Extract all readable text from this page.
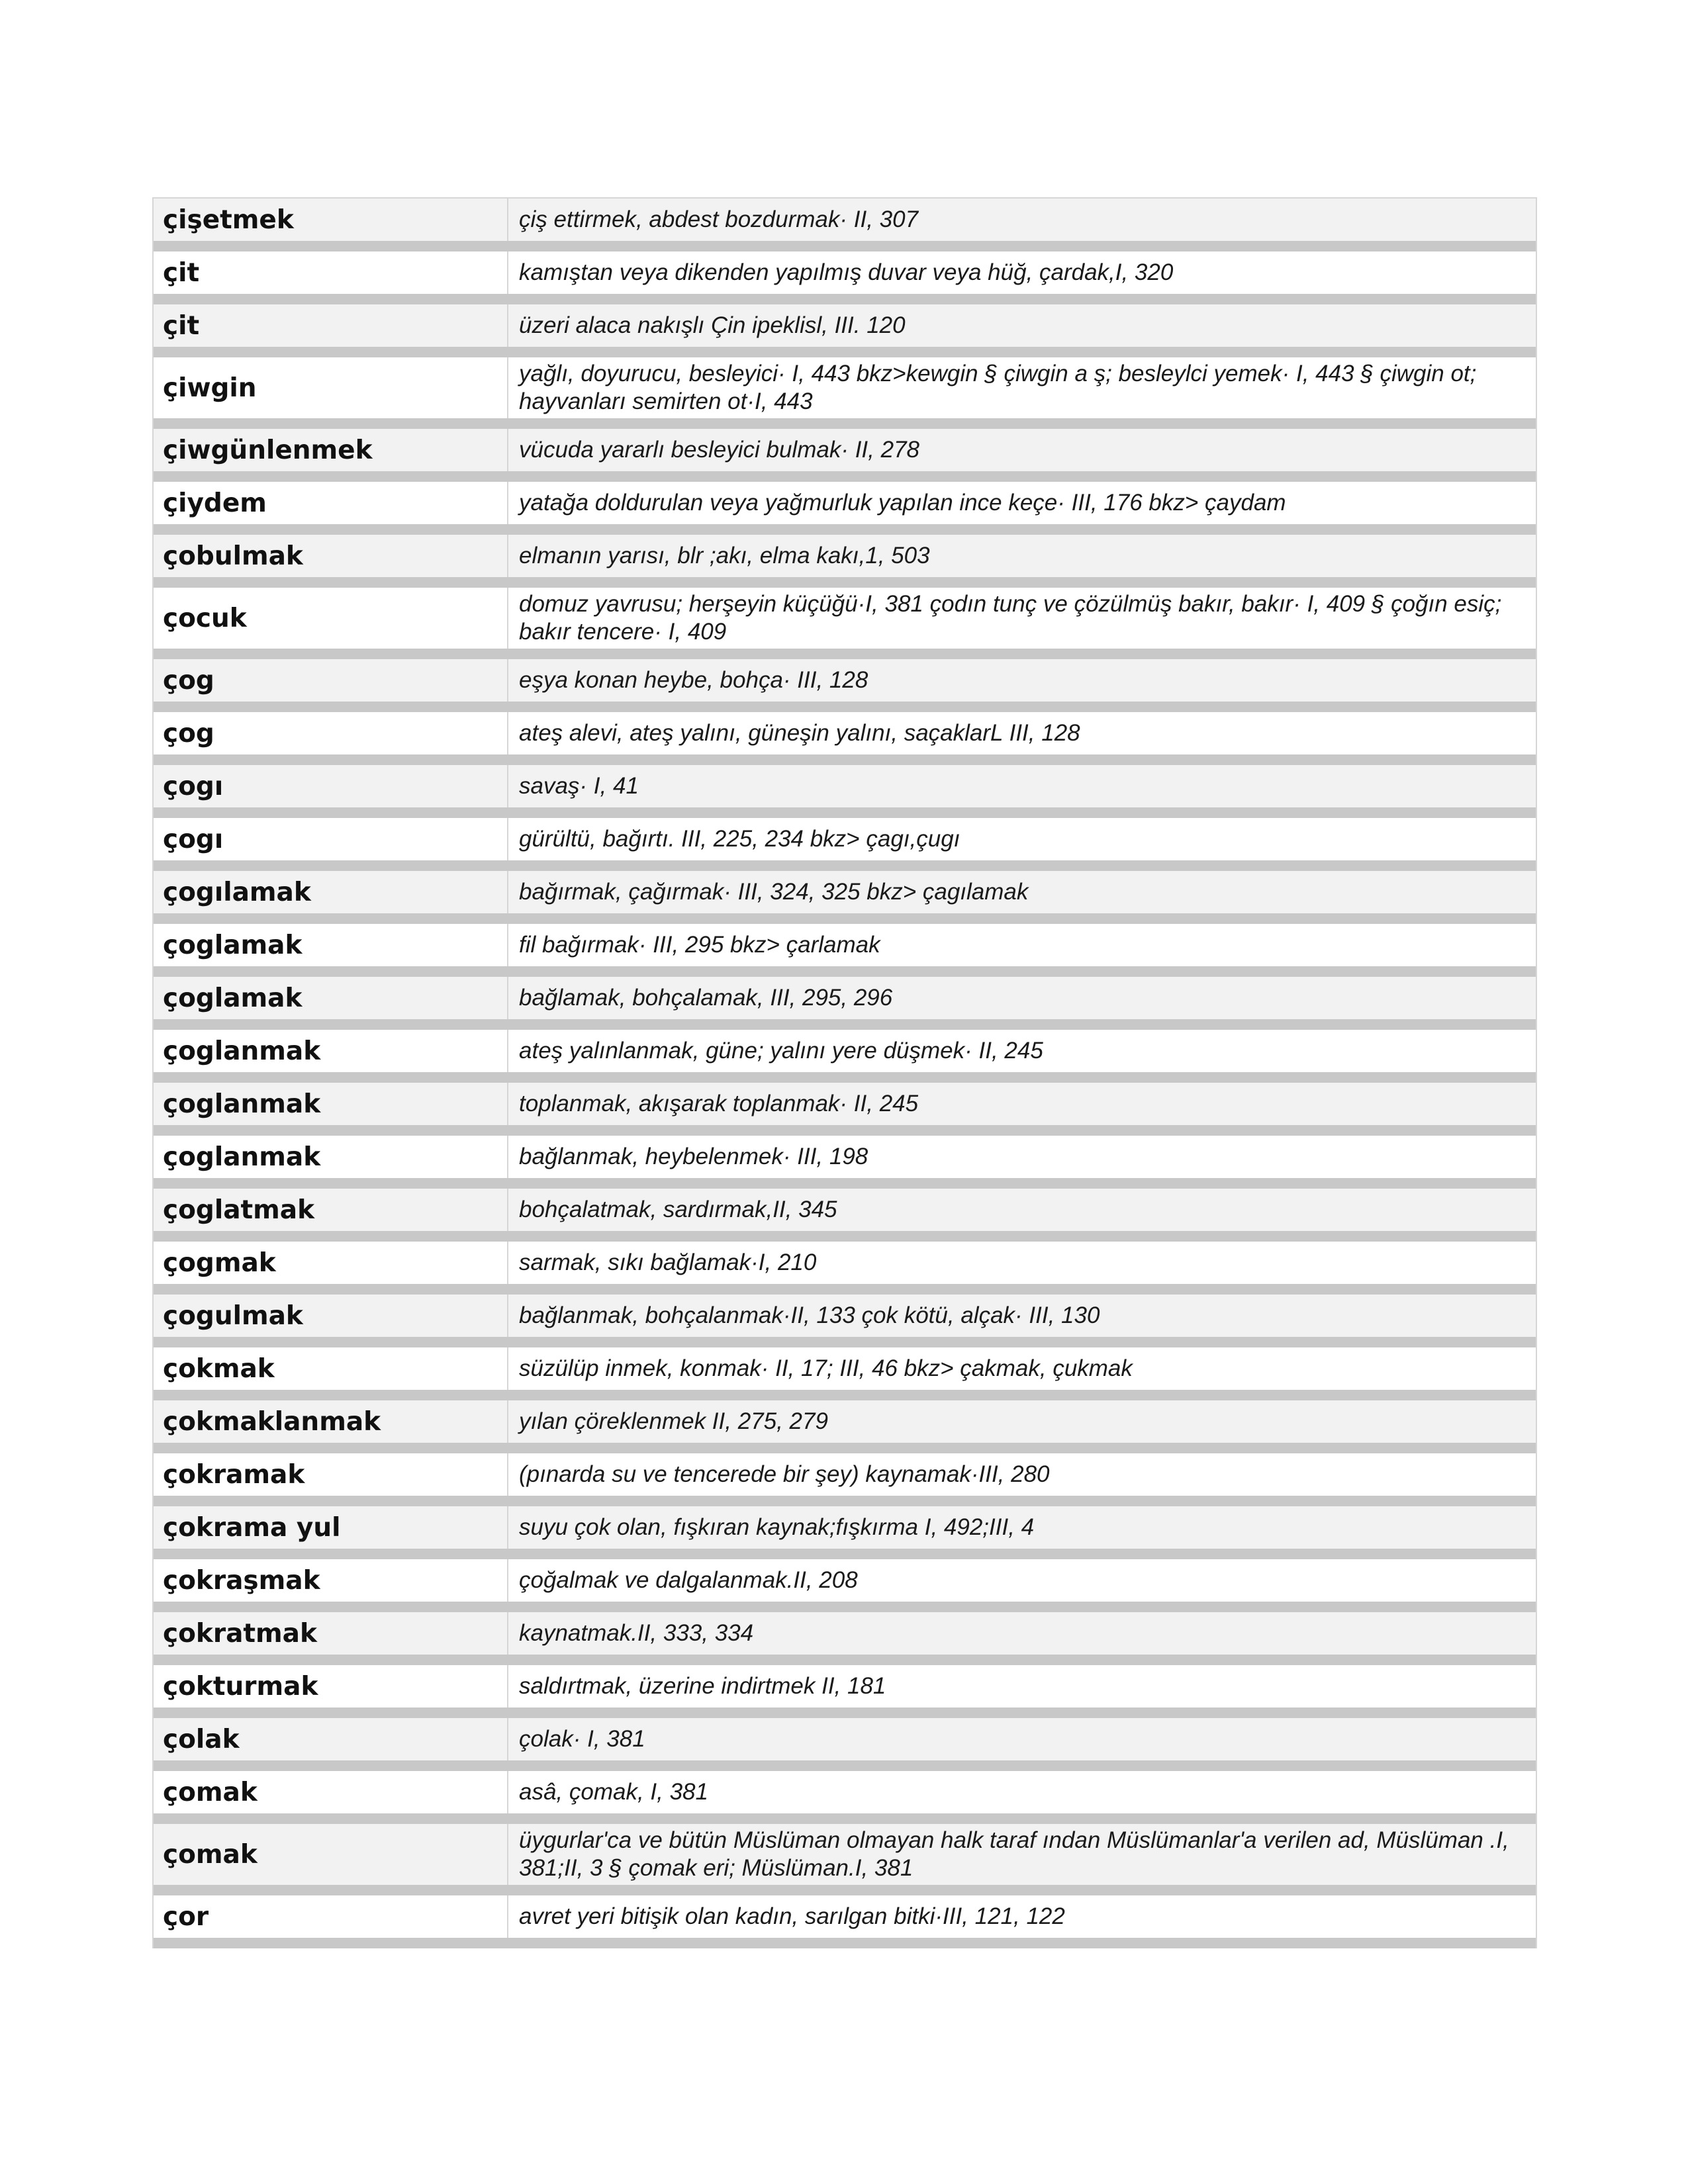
çişetmek	çiş ettirmek, abdest bozdurmak· II, 307
çit	kamıştan veya dikenden yapılmış duvar veya hüğ, çardak,I, 320
çit	üzeri alaca nakışlı Çin ipeklisl, III. 120
çiwgin	yağlı, doyurucu, besleyici· I, 443 bkz>kewgin § çiwgin a ş; besleylci yemek· I, 443 § çiwgin ot; hayvanları semirten ot·I, 443
çiwgünlenmek	vücuda yararlı besleyici bulmak· II, 278
çiydem	yatağa doldurulan veya yağmurluk yapılan ince keçe· III, 176 bkz> çaydam
çobulmak	elmanın yarısı, blr ;akı, elma kakı,1, 503
çocuk	domuz yavrusu; herşeyin küçüğü·I, 381 çodın tunç ve çözülmüş bakır, bakır· I, 409 § çoğın esiç; bakır tencere· I, 409
çog	eşya konan heybe, bohça· III, 128
çog	ateş alevi, ateş yalını, güneşin yalını, saçaklarL III, 128
çogı	savaş· I, 41
çogı	gürültü, bağırtı. III, 225, 234 bkz> çagı,çugı
çogılamak	bağırmak, çağırmak· III, 324, 325 bkz> çagılamak
çoglamak	fil bağırmak· III, 295 bkz> çarlamak
çoglamak	bağlamak, bohçalamak, III, 295, 296
çoglanmak	ateş yalınlanmak, güne; yalını yere düşmek· II, 245
çoglanmak	toplanmak, akışarak toplanmak· II, 245
çoglanmak	bağlanmak, heybelenmek· III, 198
çoglatmak	bohçalatmak, sardırmak,II, 345
çogmak	sarmak, sıkı bağlamak·I, 210
çogulmak	bağlanmak, bohçalanmak·II, 133 çok kötü, alçak· III, 130
çokmak	süzülüp inmek, konmak· II, 17; III, 46 bkz> çakmak, çukmak
çokmaklanmak	yılan çöreklenmek II, 275, 279
çokramak	(pınarda su ve tencerede bir şey) kaynamak·III, 280
çokrama yul	suyu çok olan, fışkıran kaynak;fışkırma I, 492;III, 4
çokraşmak	çoğalmak ve dalgalanmak.II, 208
çokratmak	kaynatmak.II, 333, 334
çokturmak	saldırtmak, üzerine indirtmek II, 181
çolak	çolak· I, 381
çomak	asâ, çomak, I, 381
çomak	üygurlar'ca ve bütün Müslüman olmayan halk taraf ından Müslümanlar'a verilen ad, Müslüman .I, 381;II, 3 § çomak eri; Müslüman.I, 381
çor	avret yeri bitişik olan kadın, sarılgan bitki·III, 121, 122
